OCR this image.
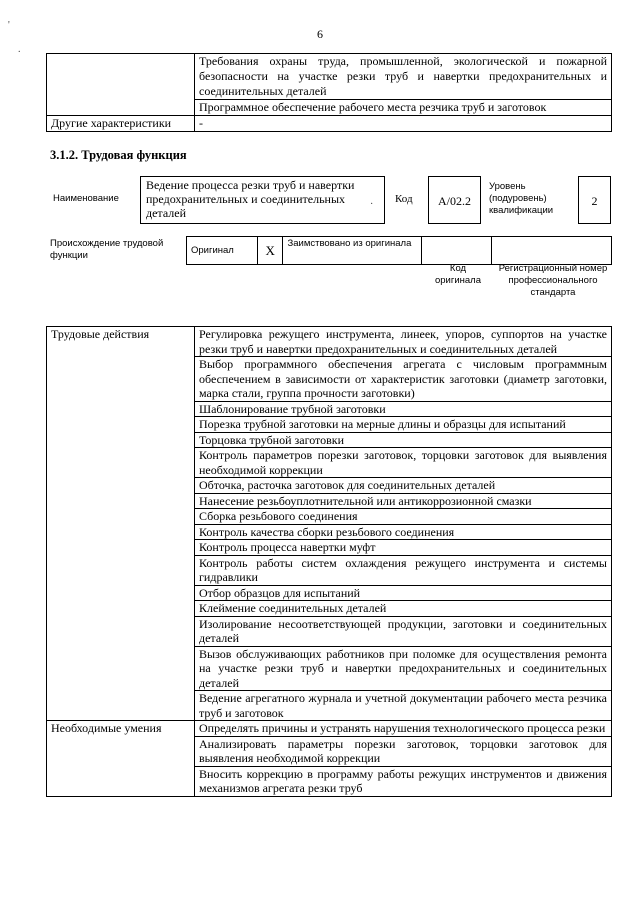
'
.
6
	Требования охраны труда, промышленной, экологической и пожарной безопасности на участке резки труб и навертки предохранительных и соединительных деталей
	Программное обеспечение рабочего места резчика труб и заготовок
Другие характеристики	-
3.1.2. Трудовая функция
Наименование
Ведение процесса резки труб и навертки предохранительных и соединительных деталей
· Код	А/02.2
Уровень (подуровень) квалификации
2
Происхождение трудовой функции	Оригинал	X	Заимствовано из оригинала		
Код оригинала
Регистрационный номер профессионального стандарта
Трудовые действия	Регулировка режущего инструмента, линеек, упоров, суппортов на участке резки труб и навертки предохранительных и соединительных деталей
	Выбор программного обеспечения агрегата с числовым программным обеспечением в зависимости от характеристик заготовки (диаметр заготовки, марка стали, группа прочности заготовки)
	Шаблонирование трубной заготовки
	Порезка трубной заготовки на мерные длины и образцы для испытаний
	Торцовка трубной заготовки
	Контроль параметров порезки заготовок, торцовки заготовок для выявления необходимой коррекции
	Обточка, расточка заготовок для соединительных деталей
	Нанесение резьбоуплотнительной или антикоррозионной смазки
	Сборка резьбового соединения
	Контроль качества сборки резьбового соединения
	Контроль процесса навертки муфт
	Контроль работы систем охлаждения режущего инструмента и системы гидравлики
	Отбор образцов для испытаний
	Клеймение соединительных деталей
	Изолирование несоответствующей продукции, заготовки и соединительных деталей
	Вызов обслуживающих работников при поломке для осуществления ремонта на участке резки труб и навертки предохранительных и соединительных деталей
	Ведение агрегатного журнала и учетной документации рабочего места резчика труб и заготовок
Необходимые умения	Определять причины и устранять нарушения технологического процесса резки
	Анализировать параметры порезки заготовок, торцовки заготовок для выявления необходимой коррекции
	Вносить коррекцию в программу работы режущих инструментов и движения механизмов агрегата резки труб
